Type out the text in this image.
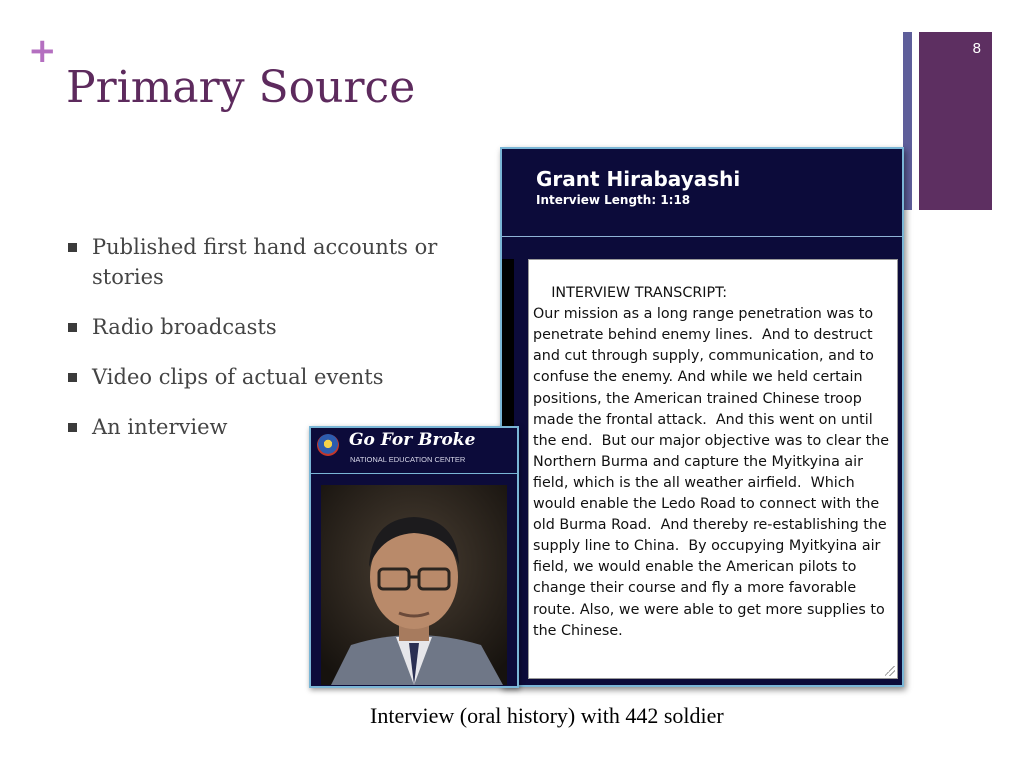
+
Primary Source
8
Published first hand accounts or stories
Radio broadcasts
Video clips of actual events
An interview
Grant Hirabayashi
Interview Length: 1:18

INTERVIEW TRANSCRIPT:
Our mission as a long range penetration was to penetrate behind enemy lines.  And to destruct and cut through supply, communication, and to confuse the enemy. And while we held certain positions, the American trained Chinese troop made the frontal attack.  And this went on until the end.  But our major objective was to clear the Northern Burma and capture the Myitkyina air field, which is the all weather airfield.  Which would enable the Ledo Road to connect with the old Burma Road.  And thereby re-establishing the supply line to China.  By occupying Myitkyina air field, we would enable the American pilots to change their course and fly a more favorable route. Also, we were able to get more supplies to the Chinese.

Go For Broke
NATIONAL EDUCATION CENTER
Interview (oral history) with 442 soldier
